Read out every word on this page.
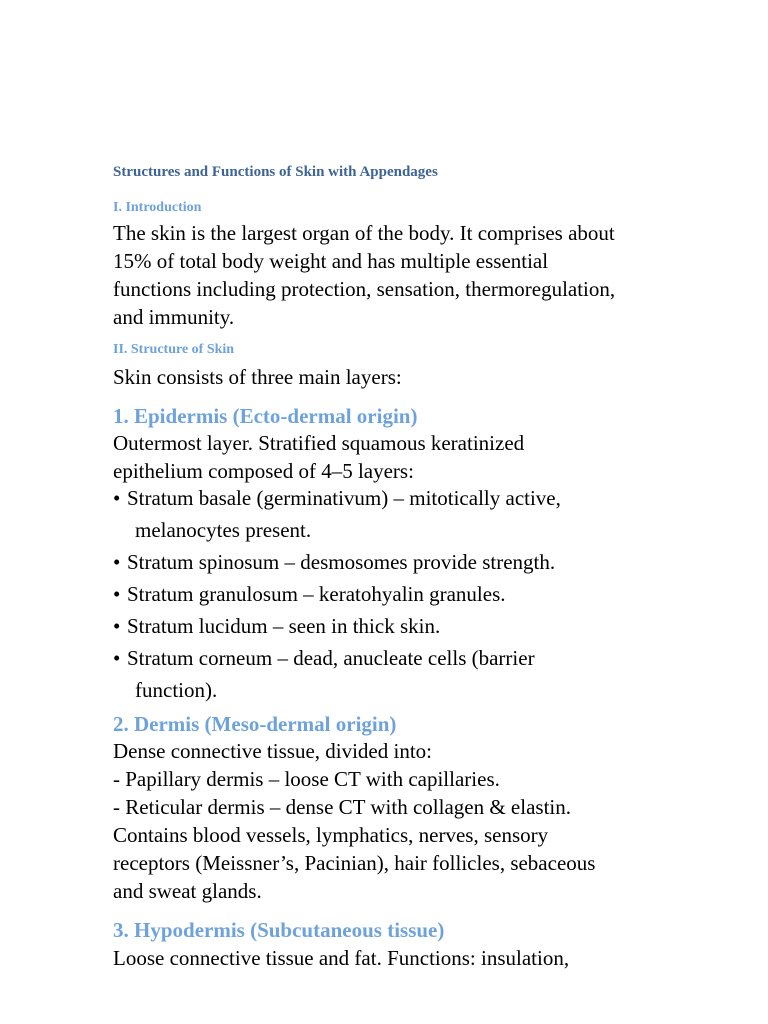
Structures and Functions of Skin with Appendages
I. Introduction
The skin is the largest organ of the body. It comprises about
15% of total body weight and has multiple essential
functions including protection, sensation, thermoregulation,
and immunity.
II. Structure of Skin
Skin consists of three main layers:
1. Epidermis (Ecto-dermal origin)
Outermost layer. Stratified squamous keratinized
epithelium composed of 4–5 layers:
• Stratum basale (germinativum) – mitotically active,
melanocytes present.
• Stratum spinosum – desmosomes provide strength.
• Stratum granulosum – keratohyalin granules.
• Stratum lucidum – seen in thick skin.
• Stratum corneum – dead, anucleate cells (barrier
function).
2. Dermis (Meso-dermal origin)
Dense connective tissue, divided into:
- Papillary dermis – loose CT with capillaries.
- Reticular dermis – dense CT with collagen & elastin.
Contains blood vessels, lymphatics, nerves, sensory
receptors (Meissner’s, Pacinian), hair follicles, sebaceous
and sweat glands.
3. Hypodermis (Subcutaneous tissue)
Loose connective tissue and fat. Functions: insulation,
